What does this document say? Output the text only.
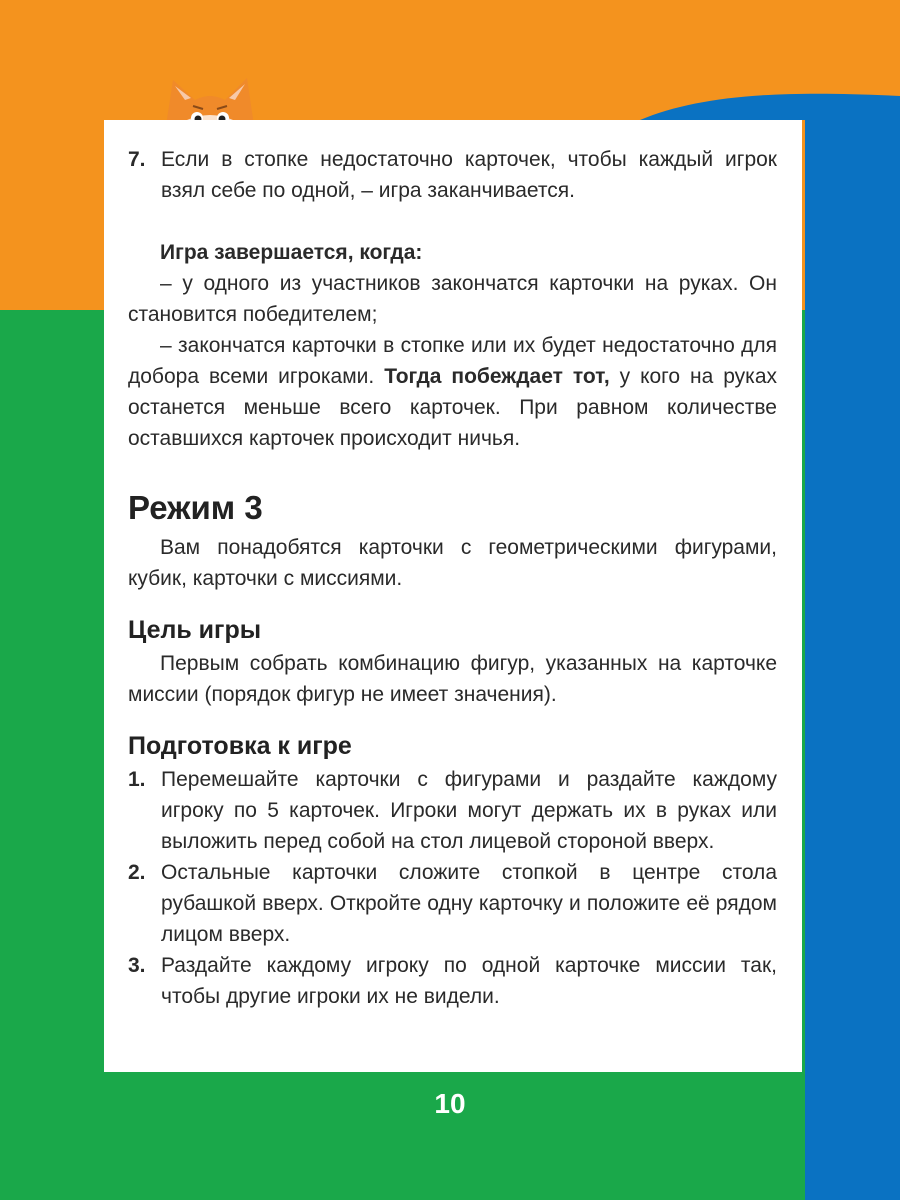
7. Если в стопке недостаточно карточек, чтобы каждый игрок взял себе по одной, – игра заканчивается.

Игра завершается, когда:

– у одного из участников закончатся карточки на руках. Он становится победителем;

– закончатся карточки в стопке или их будет недостаточно для добора всеми игроками. Тогда побеждает тот, у кого на руках останется меньше всего карточек. При равном количестве оставшихся карточек происходит ничья.

Режим 3

Вам понадобятся карточки с геометрическими фигурами, кубик, карточки с миссиями.

Цель игры

Первым собрать комбинацию фигур, указанных на карточке миссии (порядок фигур не имеет значения).

Подготовка к игре
1. Перемешайте карточки с фигурами и раздайте каждому игроку по 5 карточек. Игроки могут держать их в руках или выложить перед собой на стол лицевой стороной вверх.
2. Остальные карточки сложите стопкой в центре стола рубашкой вверх. Откройте одну карточку и положите её рядом лицом вверх.
3. Раздайте каждому игроку по одной карточке миссии так, чтобы другие игроки их не видели.
10
